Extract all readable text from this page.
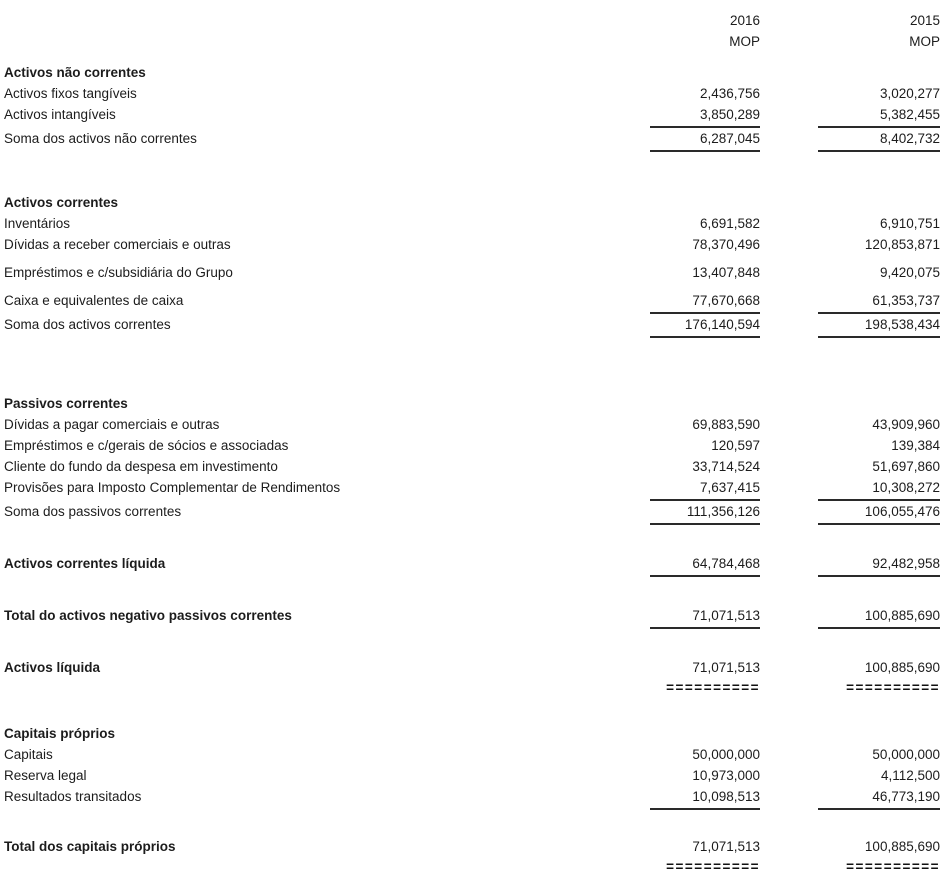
2016	2015
MOP	MOP
Activos não correntes
Activos fixos tangíveis	2,436,756	3,020,277
Activos intangíveis	3,850,289	5,382,455
Soma dos activos não correntes	6,287,045	8,402,732
Activos correntes
Inventários	6,691,582	6,910,751
Dívidas a receber comerciais e outras	78,370,496	120,853,871
Empréstimos e c/subsidiária do Grupo	13,407,848	9,420,075
Caixa e equivalentes de caixa	77,670,668	61,353,737
Soma dos activos correntes	176,140,594	198,538,434
Passivos correntes
Dívidas a pagar comerciais e outras	69,883,590	43,909,960
Empréstimos e c/gerais de sócios e associadas	120,597	139,384
Cliente do fundo da despesa em investimento	33,714,524	51,697,860
Provisões para Imposto Complementar de Rendimentos	7,637,415	10,308,272
Soma dos passivos correntes	111,356,126	106,055,476
Activos correntes líquida	64,784,468	92,482,958
Total do activos negativo passivos correntes	71,071,513	100,885,690
Activos líquida	71,071,513	100,885,690
==========	==========
Capitais próprios
Capitais	50,000,000	50,000,000
Reserva legal	10,973,000	4,112,500
Resultados transitados	10,098,513	46,773,190
Total dos capitais próprios	71,071,513	100,885,690
==========	==========
